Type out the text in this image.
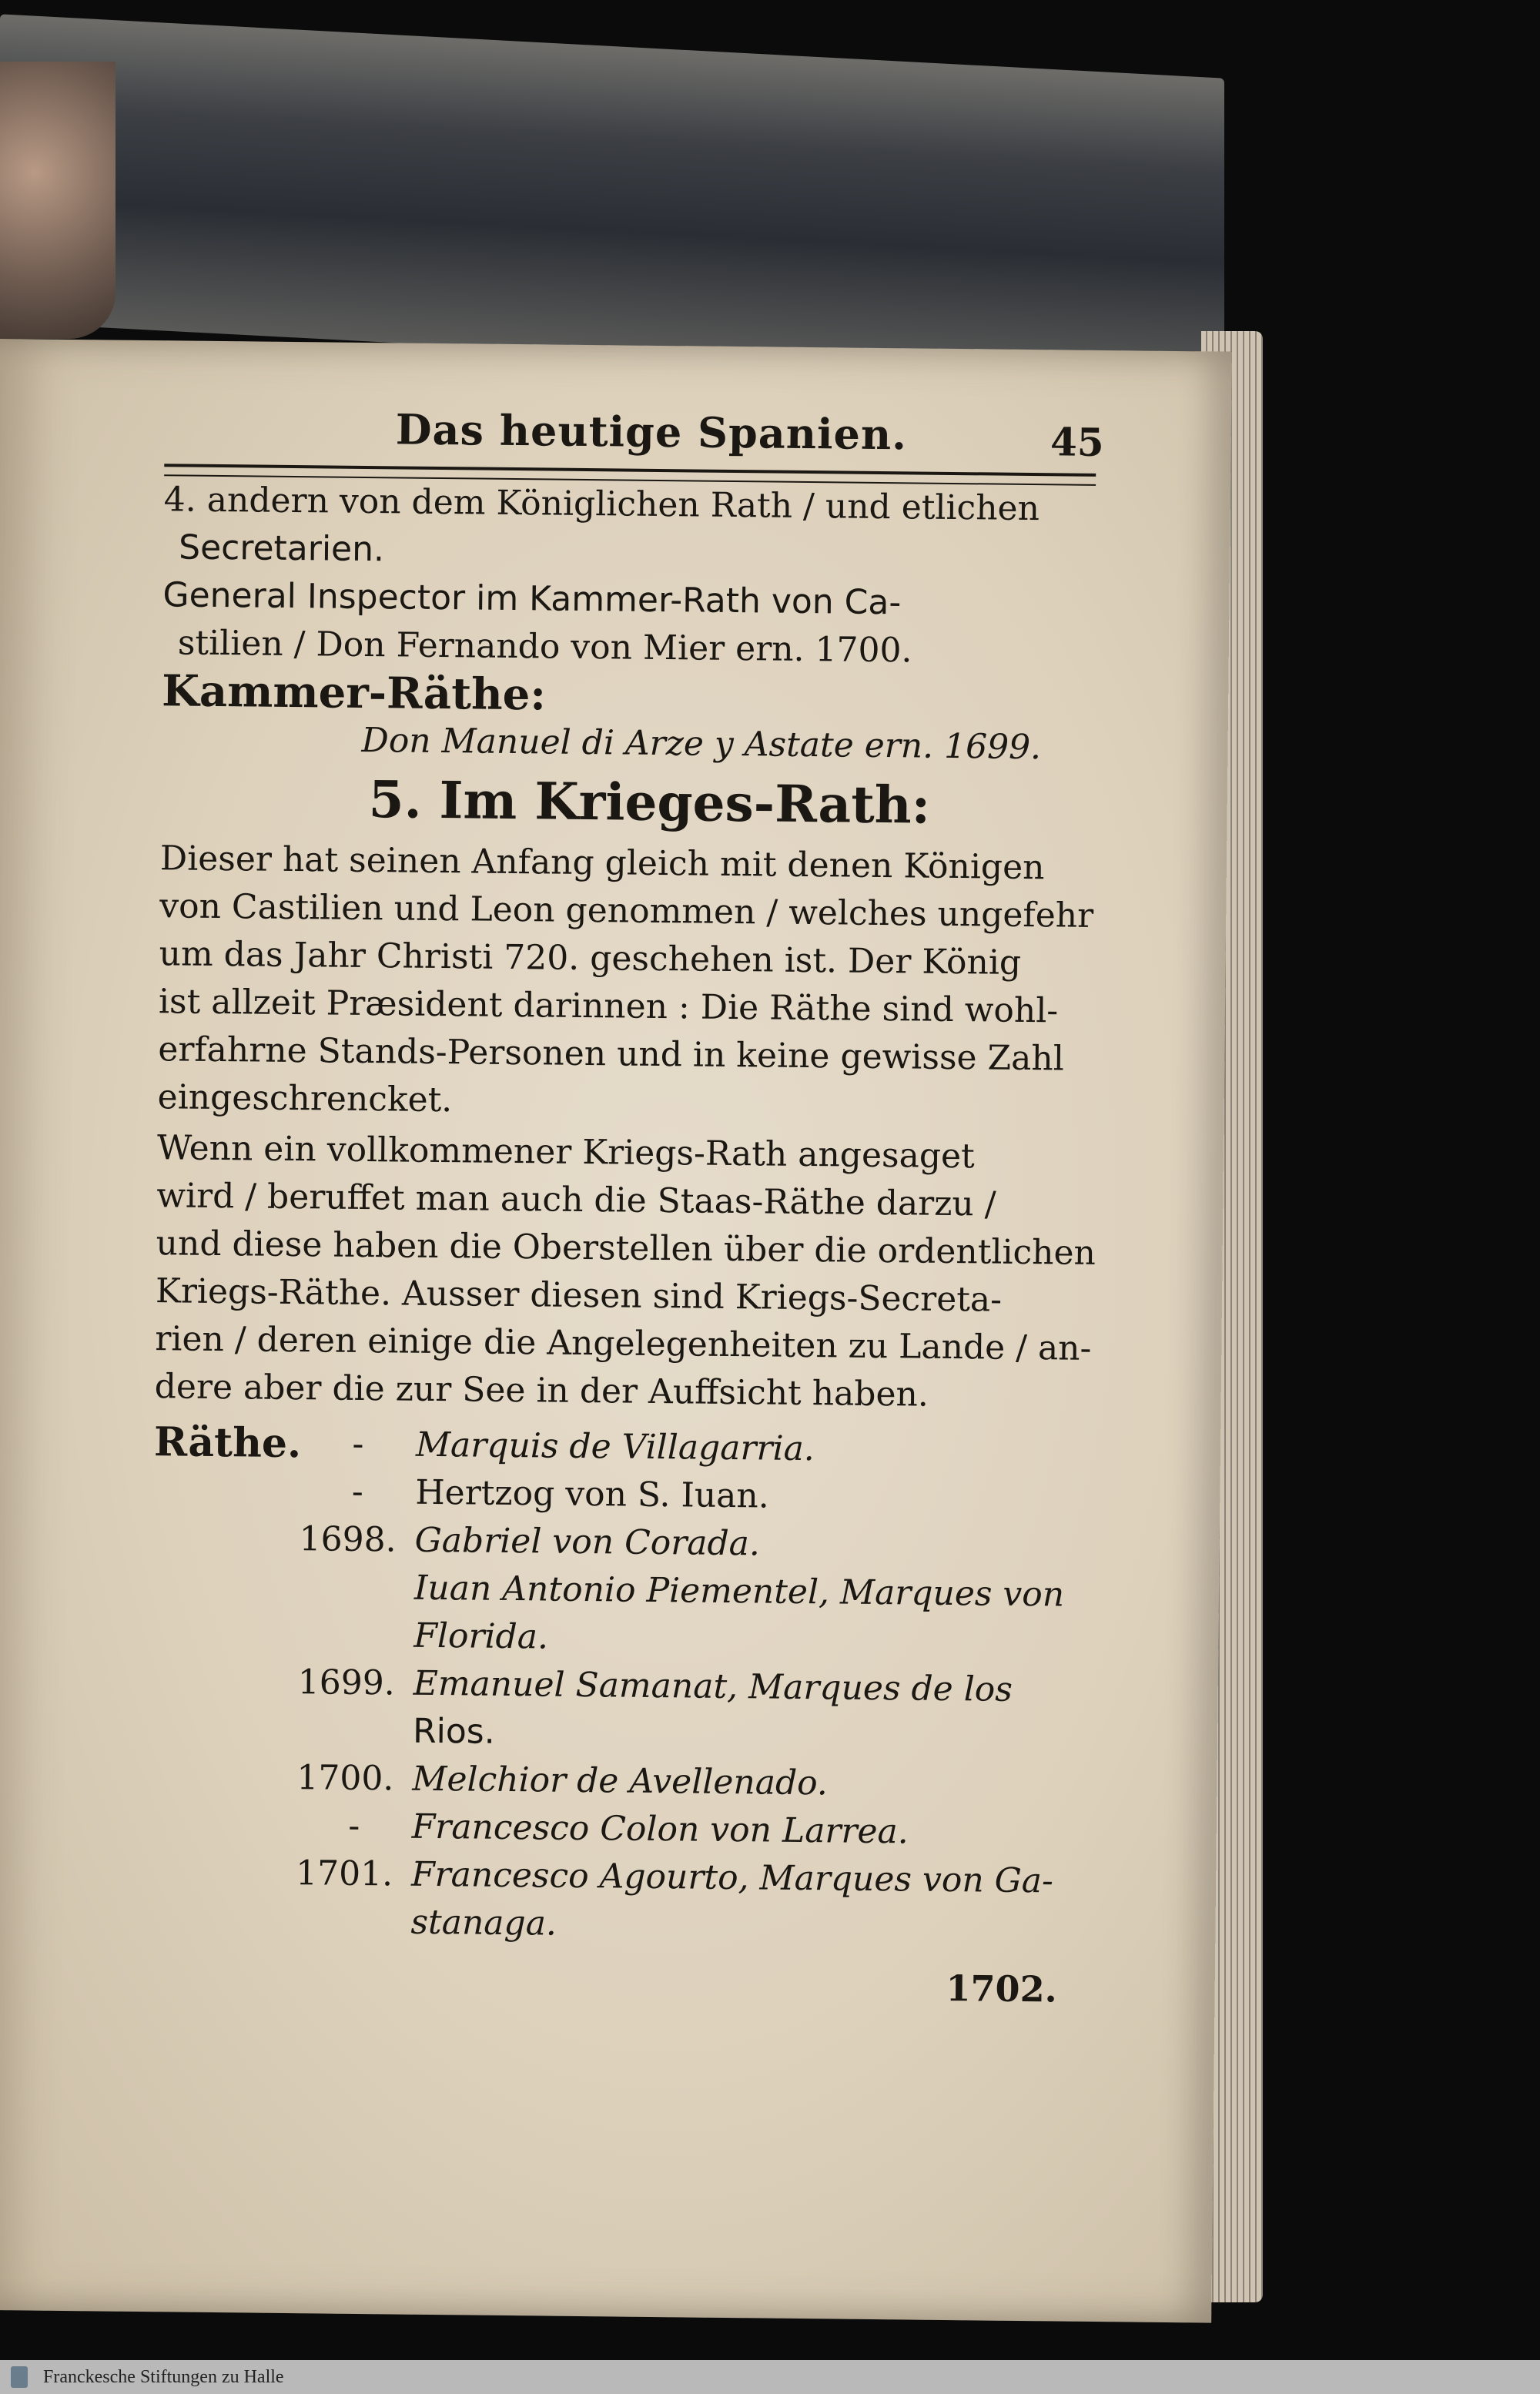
Das heutige Spanien.	45
4. andern von dem Königlichen Rath / und etlichen
Secretarien.
General Inspector im Kammer-Rath von Ca-
stilien / Don Fernando von Mier ern. 1700.
Kammer-Räthe:
Don Manuel di Arze y Astate ern. 1699.
5. Im Krieges-Rath:
Dieser hat seinen Anfang gleich mit denen Königen
von Castilien und Leon genommen / welches ungefehr
um das Jahr Christi 720. geschehen ist. Der König
ist allzeit Præsident darinnen : Die Räthe sind wohl-
erfahrne Stands-Personen und in keine gewisse Zahl
eingeschrencket.
Wenn ein vollkommener Kriegs-Rath angesaget
wird / beruffet man auch die Staas-Räthe darzu /
und diese haben die Oberstellen über die ordentlichen
Kriegs-Räthe. Ausser diesen sind Kriegs-Secreta-
rien / deren einige die Angelegenheiten zu Lande / an-
dere aber die zur See in der Auffsicht haben.
Räthe.	-	Marquis de Villagarria.
-	Hertzog von S. Iuan.
1698. Gabriel von Corada.
Iuan Antonio Piementel, Marques von
Florida.
1699. Emanuel Samanat, Marques de los
Rios.
1700. Melchior de Avellenado.
-	Francesco Colon von Larrea.
1701. Francesco Agourto, Marques von Ga-
stanaga.
1702.
Franckesche Stiftungen zu Halle
